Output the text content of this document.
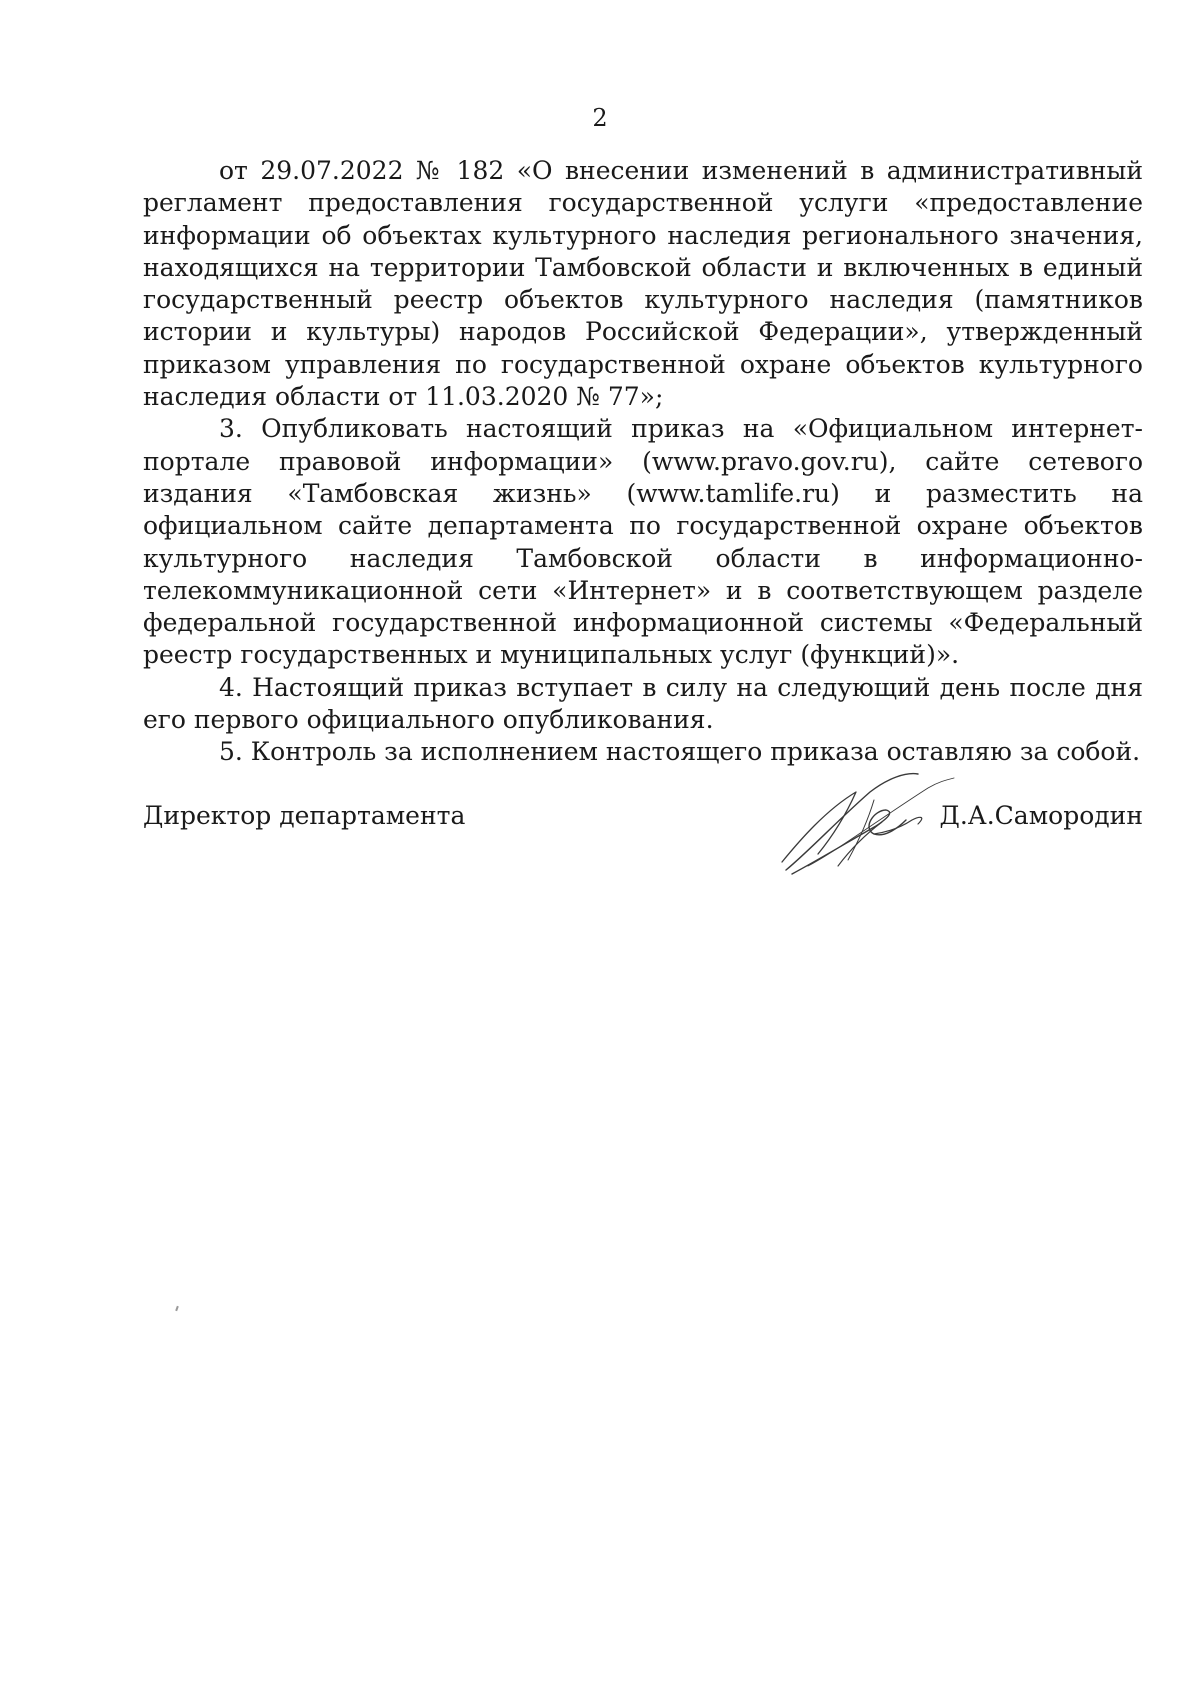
2

от 29.07.2022 № 182 «О внесении изменений в административный регламент предоставления государственной услуги «предоставление информации об объектах культурного наследия регионального значения, находящихся на территории Тамбовской области и включенных в единый государственный реестр объектов культурного наследия (памятников истории и культуры) народов Российской Федерации», утвержденный приказом управления по государственной охране объектов культурного наследия области от 11.03.2020 № 77»;

3. Опубликовать настоящий приказ на «Официальном интернет-портале правовой информации» (www.pravo.gov.ru), сайте сетевого издания «Тамбовская жизнь» (www.tamlife.ru) и разместить на официальном сайте департамента по государственной охране объектов культурного наследия Тамбовской области в информационно-телекоммуникационной сети «Интернет» и в соответствующем разделе федеральной государственной информационной системы «Федеральный реестр государственных и муниципальных услуг (функций)».

4. Настоящий приказ вступает в силу на следующий день после дня его первого официального опубликования.

5. Контроль за исполнением настоящего приказа оставляю за собой.

Директор департамента	Д.А.Самородин
